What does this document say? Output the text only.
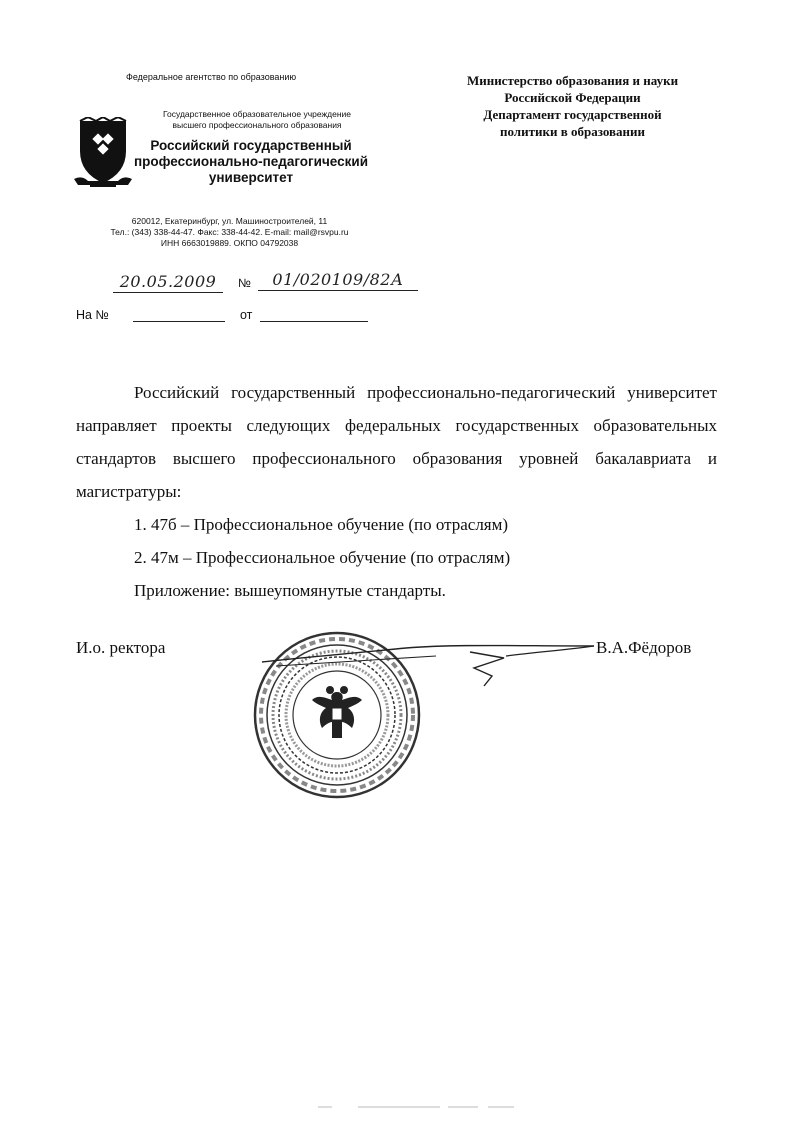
Федеральное агентство по образованию
Государственное образовательное учреждение
высшего профессионального образования
Российский государственный
профессионально-педагогический
университет
620012, Екатеринбург, ул. Машиностроителей, 11
Тел.: (343) 338-44-47. Факс: 338-44-42. E-mail: mail@rsvpu.ru
ИНН 6663019889. ОКПО 04792038
Министерство образования и науки
Российской Федерации
Департамент государственной
политики в образовании
20.05.2009	№	01/020109/82А
На №	от

Российский государственный профессионально-педагогический университет направляет проекты следующих федеральных государственных образовательных стандартов высшего профессионального образования уровней бакалавриата и магистратуры:

1. 47б – Профессиональное обучение (по отраслям)

2. 47м – Профессиональное обучение (по отраслям)

Приложение: вышеупомянутые стандарты.

И.о. ректора	В.А.Фёдоров
